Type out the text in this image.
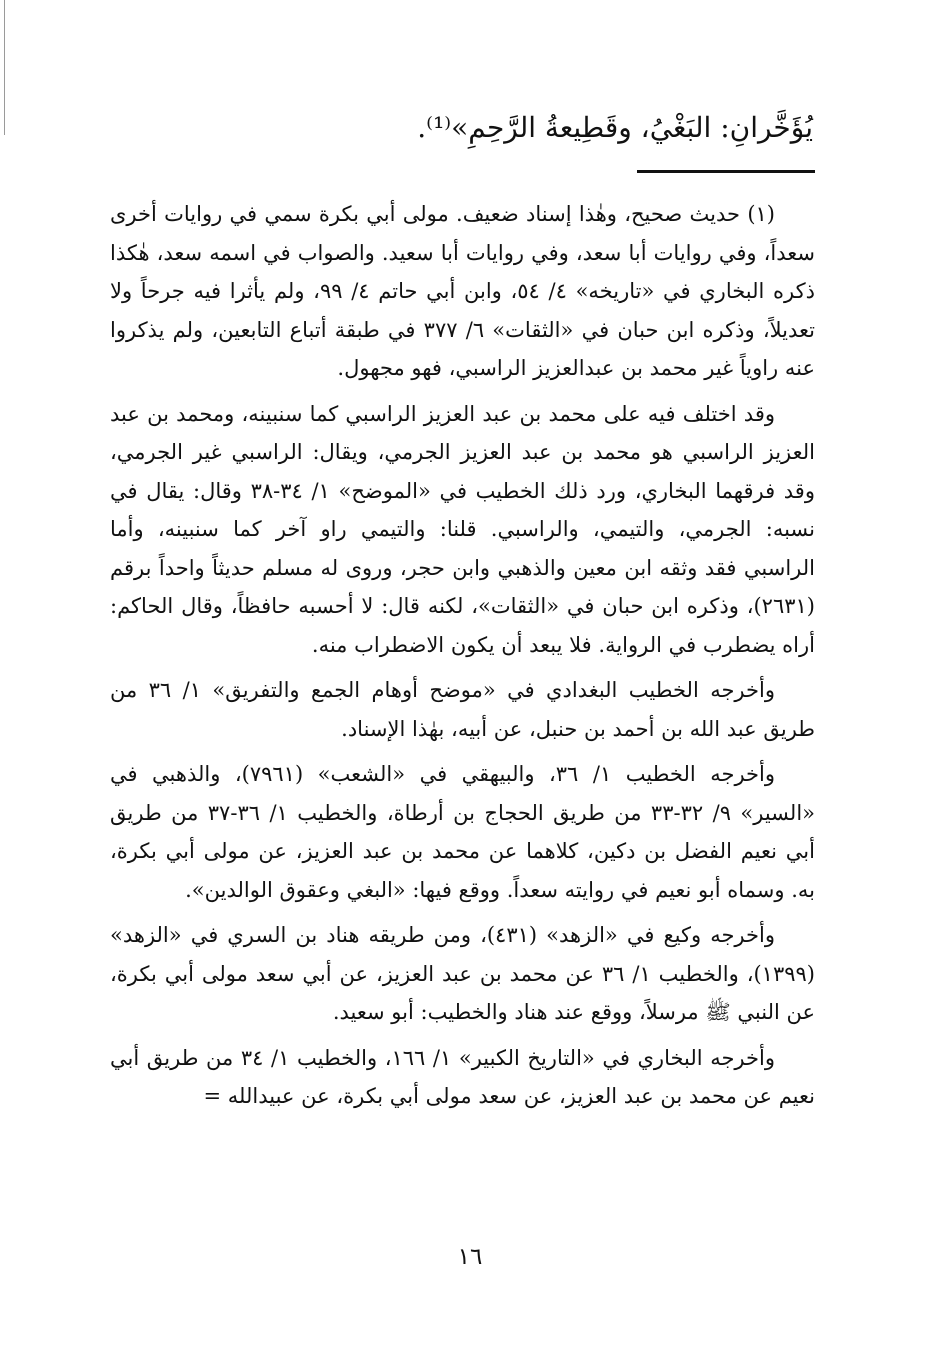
يُؤَخَّرانِ: البَغْيُ، وقَطِيعةُ الرَّحِمِ»⁽¹⁾.

(١) حديث صحيح، وهٰذا إسناد ضعيف. مولى أبي بكرة سمي في روايات أخرى سعداً، وفي روايات أبا سعد، وفي روايات أبا سعيد. والصواب في اسمه سعد، هٰكذا ذكره البخاري في «تاريخه» ٤/ ٥٤، وابن أبي حاتم ٤/ ٩٩، ولم يأثرا فيه جرحاً ولا تعديلاً، وذكره ابن حبان في «الثقات» ٦/ ٣٧٧ في طبقة أتباع التابعين، ولم يذكروا عنه راوياً غير محمد بن عبدالعزيز الراسبي، فهو مجهول.

وقد اختلف فيه على محمد بن عبد العزيز الراسبي كما سنبينه، ومحمد بن عبد العزيز الراسبي هو محمد بن عبد العزيز الجرمي، ويقال: الراسبي غير الجرمي، وقد فرقهما البخاري، ورد ذلك الخطيب في «الموضح» ١/ ٣٤-٣٨ وقال: يقال في نسبه: الجرمي، والتيمي، والراسبي. قلنا: والتيمي راو آخر كما سنبينه، وأما الراسبي فقد وثقه ابن معين والذهبي وابن حجر، وروى له مسلم حديثاً واحداً برقم (٢٦٣١)، وذكره ابن حبان في «الثقات»، لكنه قال: لا أحسبه حافظاً، وقال الحاكم: أراه يضطرب في الرواية. فلا يبعد أن يكون الاضطراب منه.

وأخرجه الخطيب البغدادي في «موضح أوهام الجمع والتفريق» ١/ ٣٦ من طريق عبد الله بن أحمد بن حنبل، عن أبيه، بهٰذا الإسناد.

وأخرجه الخطيب ١/ ٣٦، والبيهقي في «الشعب» (٧٩٦١)، والذهبي في «السير» ٩/ ٣٢-٣٣ من طريق الحجاج بن أرطاة، والخطيب ١/ ٣٦-٣٧ من طريق أبي نعيم الفضل بن دكين، كلاهما عن محمد بن عبد العزيز، عن مولى أبي بكرة، به. وسماه أبو نعيم في روايته سعداً. ووقع فيها: «البغي وعقوق الوالدين».

وأخرجه وكيع في «الزهد» (٤٣١)، ومن طريقه هناد بن السري في «الزهد» (١٣٩٩)، والخطيب ١/ ٣٦ عن محمد بن عبد العزيز، عن أبي سعد مولى أبي بكرة، عن النبي ﷺ مرسلاً، ووقع عند هناد والخطيب: أبو سعيد.

وأخرجه البخاري في «التاريخ الكبير» ١/ ١٦٦، والخطيب ١/ ٣٤ من طريق أبي نعيم عن محمد بن عبد العزيز، عن سعد مولى أبي بكرة، عن عبيدالله =

١٦
